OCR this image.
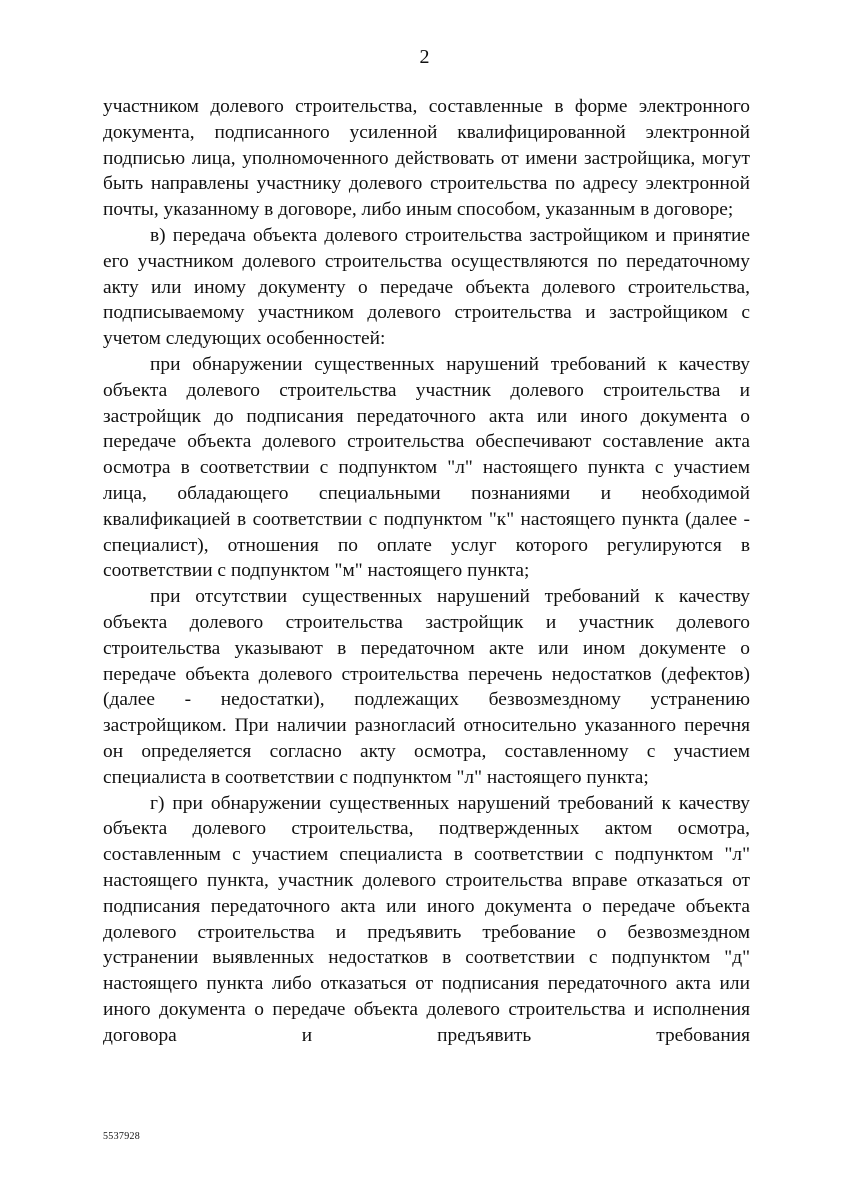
2

участником долевого строительства, составленные в форме электронного документа, подписанного усиленной квалифицированной электронной подписью лица, уполномоченного действовать от имени застройщика, могут быть направлены участнику долевого строительства по адресу электронной почты, указанному в договоре, либо иным способом, указанным в договоре;

в) передача объекта долевого строительства застройщиком и принятие его участником долевого строительства осуществляются по передаточному акту или иному документу о передаче объекта долевого строительства, подписываемому участником долевого строительства и застройщиком с учетом следующих особенностей:

при обнаружении существенных нарушений требований к качеству объекта долевого строительства участник долевого строительства и застройщик до подписания передаточного акта или иного документа о передаче объекта долевого строительства обеспечивают составление акта осмотра в соответствии с подпунктом "л" настоящего пункта с участием лица, обладающего специальными познаниями и необходимой квалификацией в соответствии с подпунктом "к" настоящего пункта (далее - специалист), отношения по оплате услуг которого регулируются в соответствии с подпунктом "м" настоящего пункта;

при отсутствии существенных нарушений требований к качеству объекта долевого строительства застройщик и участник долевого строительства указывают в передаточном акте или ином документе о передаче объекта долевого строительства перечень недостатков (дефектов) (далее - недостатки), подлежащих безвозмездному устранению застройщиком. При наличии разногласий относительно указанного перечня он определяется согласно акту осмотра, составленному с участием специалиста в соответствии с подпунктом "л" настоящего пункта;

г) при обнаружении существенных нарушений требований к качеству объекта долевого строительства, подтвержденных актом осмотра, составленным с участием специалиста в соответствии с подпунктом "л" настоящего пункта, участник долевого строительства вправе отказаться от подписания передаточного акта или иного документа о передаче объекта долевого строительства и предъявить требование о безвозмездном устранении выявленных недостатков в соответствии с подпунктом "д" настоящего пункта либо отказаться от подписания передаточного акта или иного документа о передаче объекта долевого строительства и исполнения договора и предъявить требования

5537928
